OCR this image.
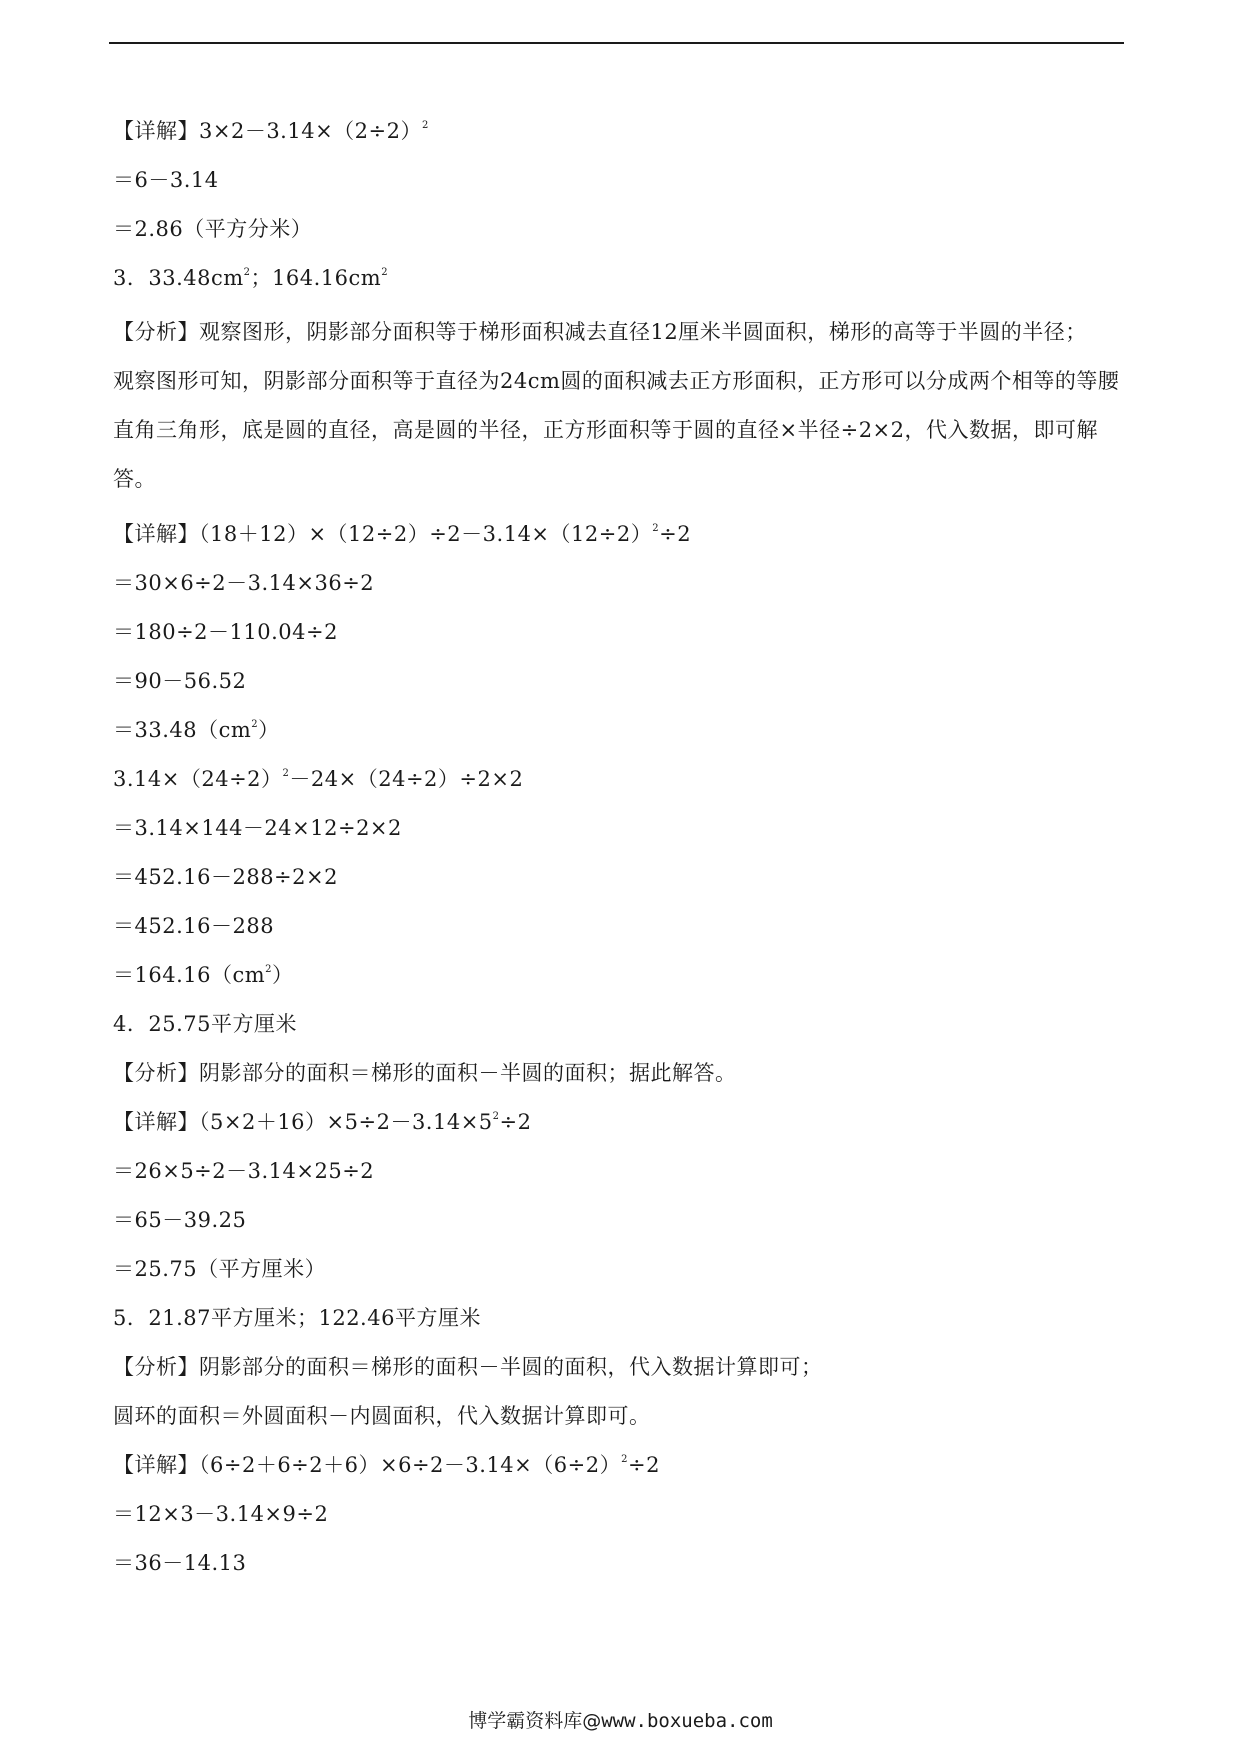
【详解】$3\times 2-3.14\times(2\div 2)^2$

＝6－3.14

＝2.86（平方分米）

3．$33.48cm^2$；$164.16cm^2$

【分析】观察图形，阴影部分面积等于梯形面积减去直径12厘米半圆面积，梯形的高等于半圆的半径；

观察图形可知，阴影部分面积等于直径为24cm圆的面积减去正方形面积，正方形可以分成两个相等的等腰

直角三角形，底是圆的直径，高是圆的半径，正方形面积等于圆的直径×半径÷2×2，代入数据，即可解

答。

【详解】$(18+12)\times(12\div 2)\div 2-3.14\times(12\div 2)^2\div 2$

＝30×6÷2－3.14×36÷2

＝180÷2－110.04÷2

＝90－56.52

$=33.48(cm^2)$

$3.14\times(24\div 2)^2-24\times(24\div 2)\div 2\times 2$

＝3.14×144－24×12÷2×2

＝452.16－288÷2×2

＝452.16－288

$=164.16(cm^2)$

4．25.75平方厘米

【分析】阴影部分的面积＝梯形的面积－半圆的面积；据此解答。

【详解】$(5\times 2+16)\times 5\div 2-3.14\times 5^2\div 2$

＝26×5÷2－3.14×25÷2

＝65－39.25

＝25.75（平方厘米）

5．21.87平方厘米；122.46平方厘米

【分析】阴影部分的面积＝梯形的面积－半圆的面积，代入数据计算即可；

圆环的面积＝外圆面积－内圆面积，代入数据计算即可。

【详解】$(6\div 2+6\div 2+6)\times 6\div 2-3.14\times(6\div 2)^2\div 2$

＝12×3－3.14×9÷2

＝36－14.13

博学霸资料库@www.boxueba.com
